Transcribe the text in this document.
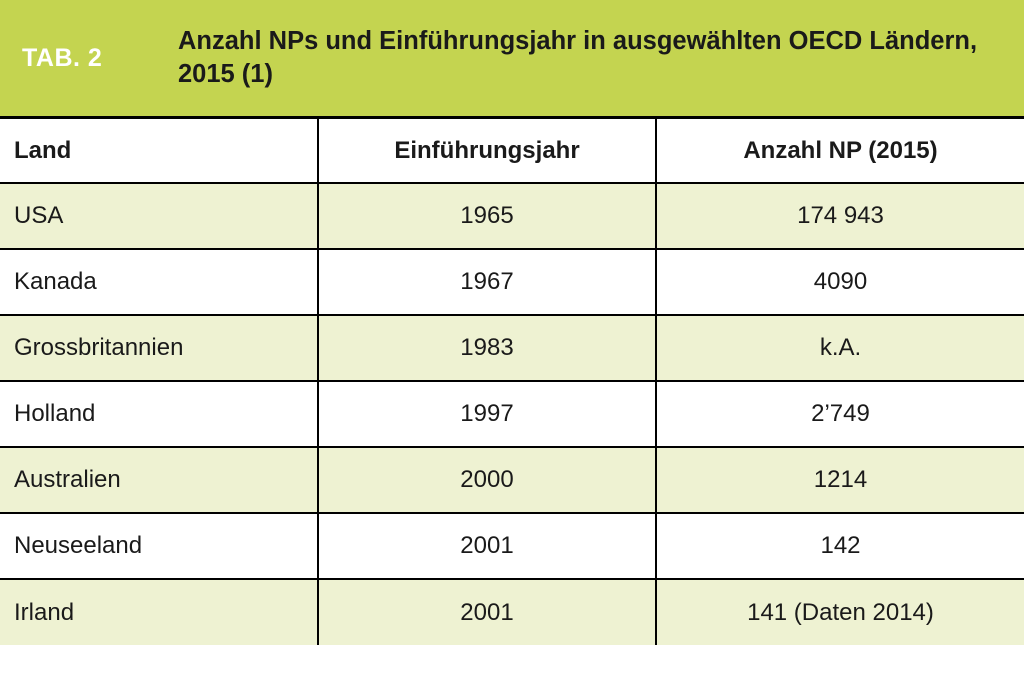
TAB. 2
Anzahl NPs und Einführungsjahr in ausgewählten OECD Ländern, 2015 (1)
Land	Einführungsjahr	Anzahl NP (2015)
USA	1965	174 943
Kanada	1967	4090
Grossbritannien	1983	k.A.
Holland	1997	2’749
Australien	2000	1214
Neuseeland	2001	142
Irland	2001	141 (Daten 2014)
